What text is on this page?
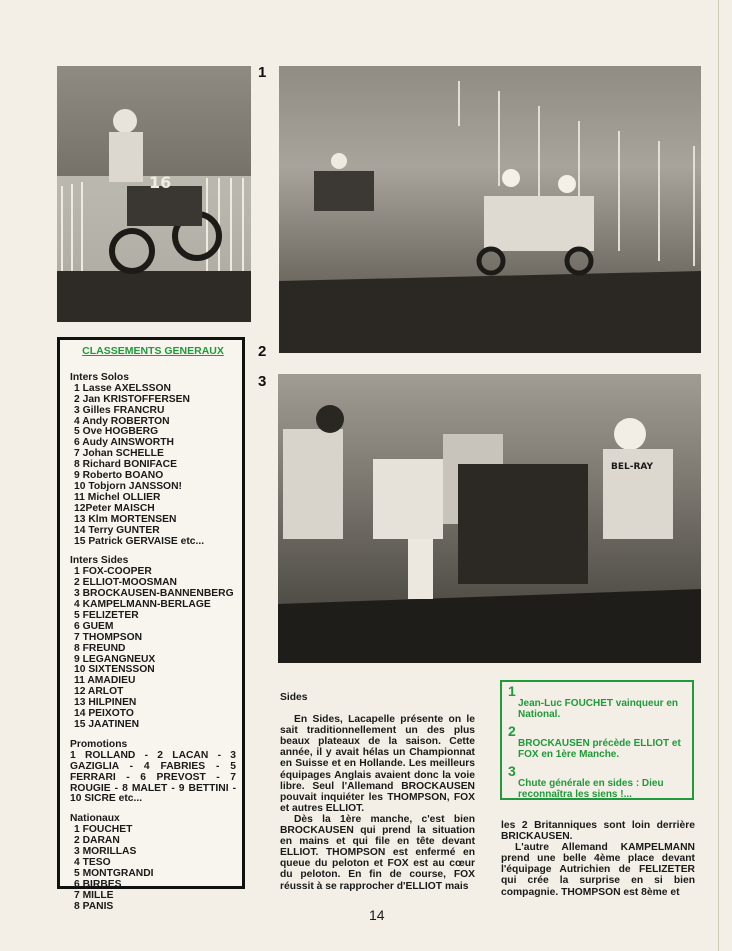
16
1
2
BEL-RAY
3
CLASSEMENTS GENERAUX
Inters Solos
1 Lasse AXELSSON
2 Jan KRISTOFFERSEN
3 Gilles FRANCRU
4 Andy ROBERTON
5 Ove HOGBERG
6 Audy AINSWORTH
7 Johan SCHELLE
8 Richard BONIFACE
9 Roberto BOANO
10 Tobjorn JANSSON!
11 Michel OLLIER
12Peter MAISCH
13 Klm MORTENSEN
14 Terry GUNTER
15 Patrick GERVAISE etc...
Inters Sides
1 FOX-COOPER
2 ELLIOT-MOOSMAN
3 BROCKAUSEN-BANNENBERG
4 KAMPELMANN-BERLAGE
5 FELIZETER
6 GUEM
7 THOMPSON
8 FREUND
9 LEGANGNEUX
10 SIXTENSSON
11 AMADIEU
12 ARLOT
13 HILPINEN
14 PEIXOTO
15 JAATINEN
Promotions
1 ROLLAND - 2 LACAN - 3 GAZIGLIA - 4 FABRIES - 5 FERRARI - 6 PREVOST - 7 ROUGIE - 8 MALET - 9 BETTINI - 10 SICRE etc...
Nationaux
1 FOUCHET
2 DARAN
3 MORILLAS
4 TESO
5 MONTGRANDI
6 BIRBES
7 MILLE
8 PANIS

Sides

En Sides, Lacapelle présente on le sait traditionnellement un des plus beaux plateaux de la saison. Cette année, il y avait hélas un Championnat en Suisse et en Hollande. Les meilleurs équipages Anglais avaient donc la voie libre. Seul l'Allemand BROCKAUSEN pouvait inquiéter les THOMPSON, FOX et autres ELLIOT.

Dès la 1ère manche, c'est bien BROCKAUSEN qui prend la situation en mains et qui file en tête devant ELLIOT. THOMPSON est enfermé en queue du peloton et FOX est au cœur du peloton. En fin de course, FOX réussit à se rapprocher d'ELLIOT mais

1
Jean-Luc FOUCHET vainqueur en National.
2
BROCKAUSEN précède ELLIOT et FOX en 1ère Manche.
3
Chute générale en sides : Dieu reconnaîtra les siens !...

les 2 Britanniques sont loin derrière BRICKAUSEN.

L'autre Allemand KAMPELMANN prend une belle 4ème place devant l'équipage Autrichien de FELIZETER qui crée la surprise en si bien compagnie. THOMPSON est 8ème et

14
